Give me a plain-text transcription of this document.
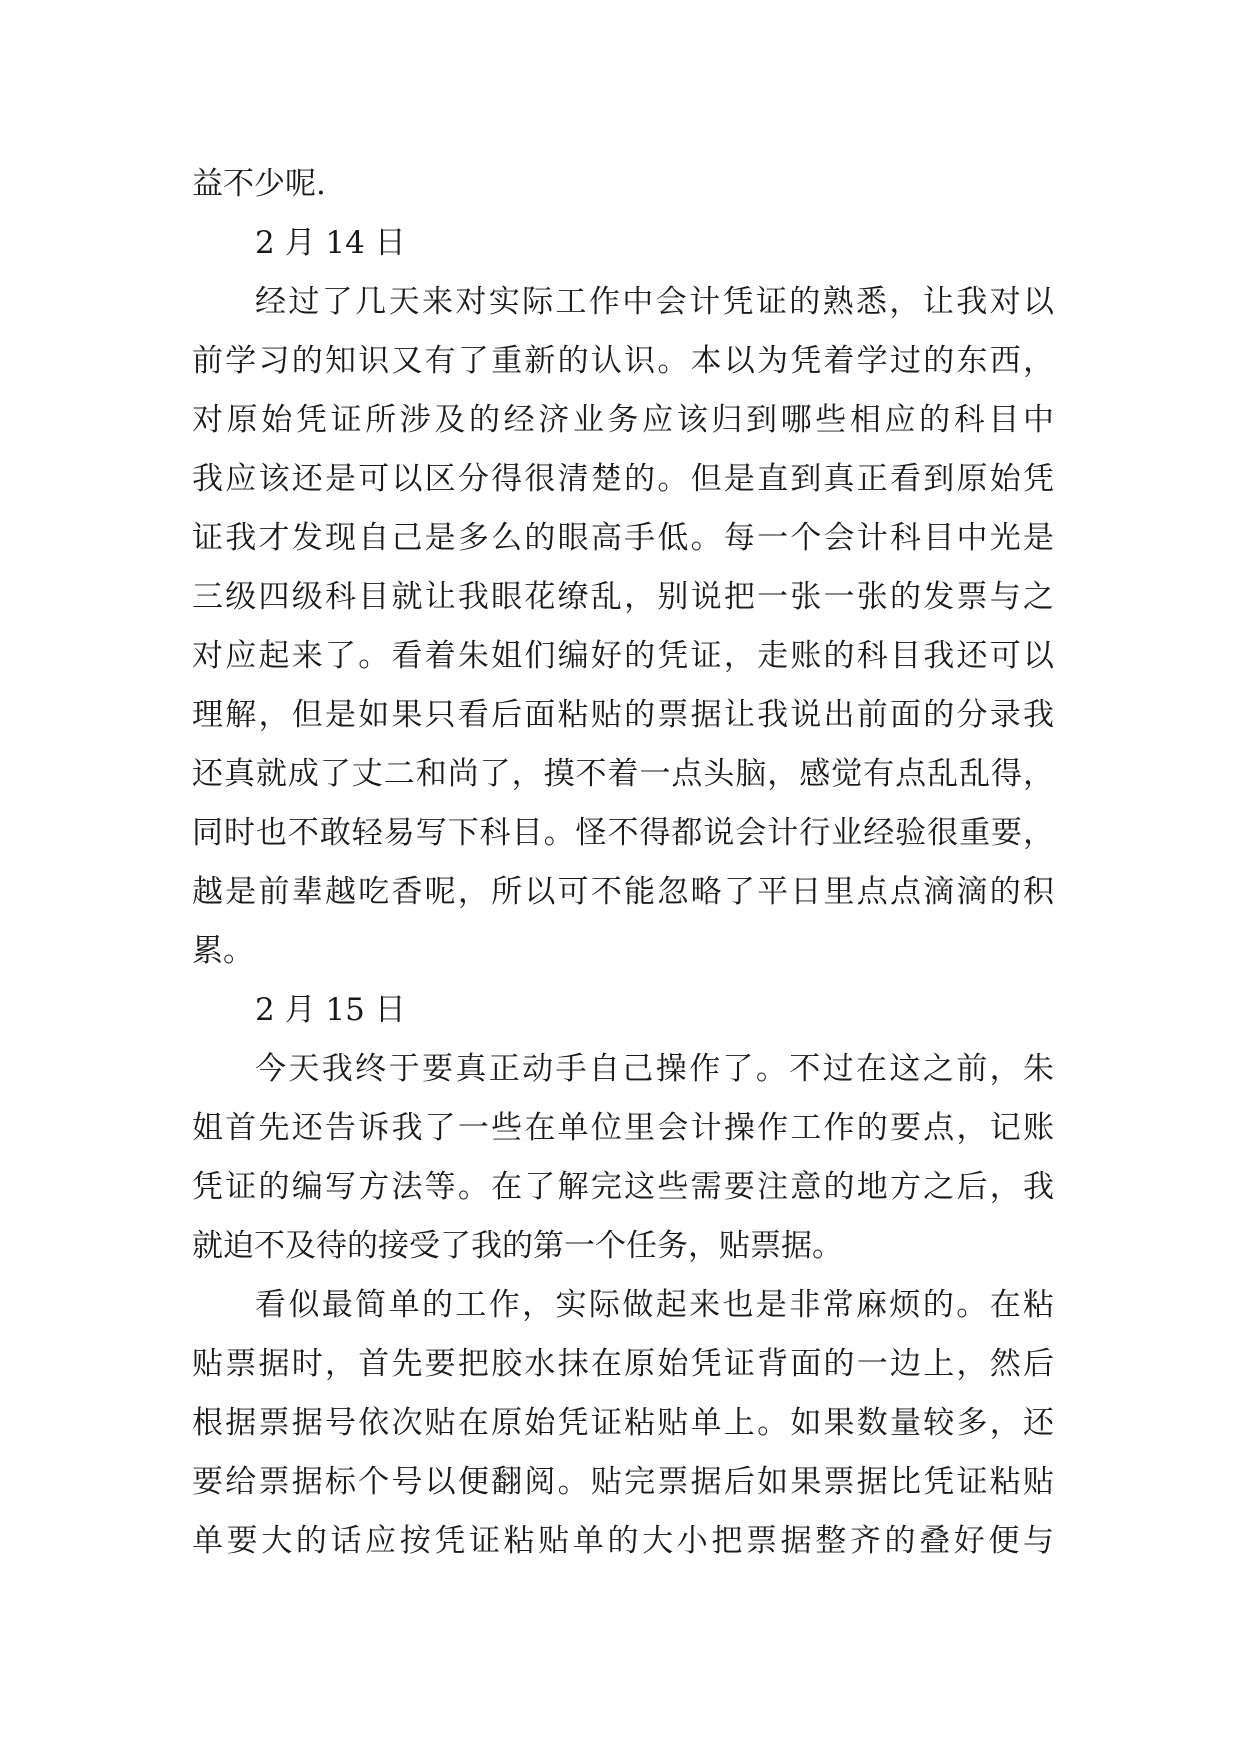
益不少呢.
2 月 14 日
经过了几天来对实际工作中会计凭证的熟悉，让我对以
前学习的知识又有了重新的认识。本以为凭着学过的东西，
对原始凭证所涉及的经济业务应该归到哪些相应的科目中
我应该还是可以区分得很清楚的。但是直到真正看到原始凭
证我才发现自己是多么的眼高手低。每一个会计科目中光是
三级四级科目就让我眼花缭乱，别说把一张一张的发票与之
对应起来了。看着朱姐们编好的凭证，走账的科目我还可以
理解，但是如果只看后面粘贴的票据让我说出前面的分录我
还真就成了丈二和尚了，摸不着一点头脑，感觉有点乱乱得，
同时也不敢轻易写下科目。怪不得都说会计行业经验很重要，
越是前辈越吃香呢，所以可不能忽略了平日里点点滴滴的积
累。
2 月 15 日
今天我终于要真正动手自己操作了。不过在这之前，朱
姐首先还告诉我了一些在单位里会计操作工作的要点，记账
凭证的编写方法等。在了解完这些需要注意的地方之后，我
就迫不及待的接受了我的第一个任务，贴票据。
看似最简单的工作，实际做起来也是非常麻烦的。在粘
贴票据时，首先要把胶水抹在原始凭证背面的一边上，然后
根据票据号依次贴在原始凭证粘贴单上。如果数量较多，还
要给票据标个号以便翻阅。贴完票据后如果票据比凭证粘贴
单要大的话应按凭证粘贴单的大小把票据整齐的叠好便与
